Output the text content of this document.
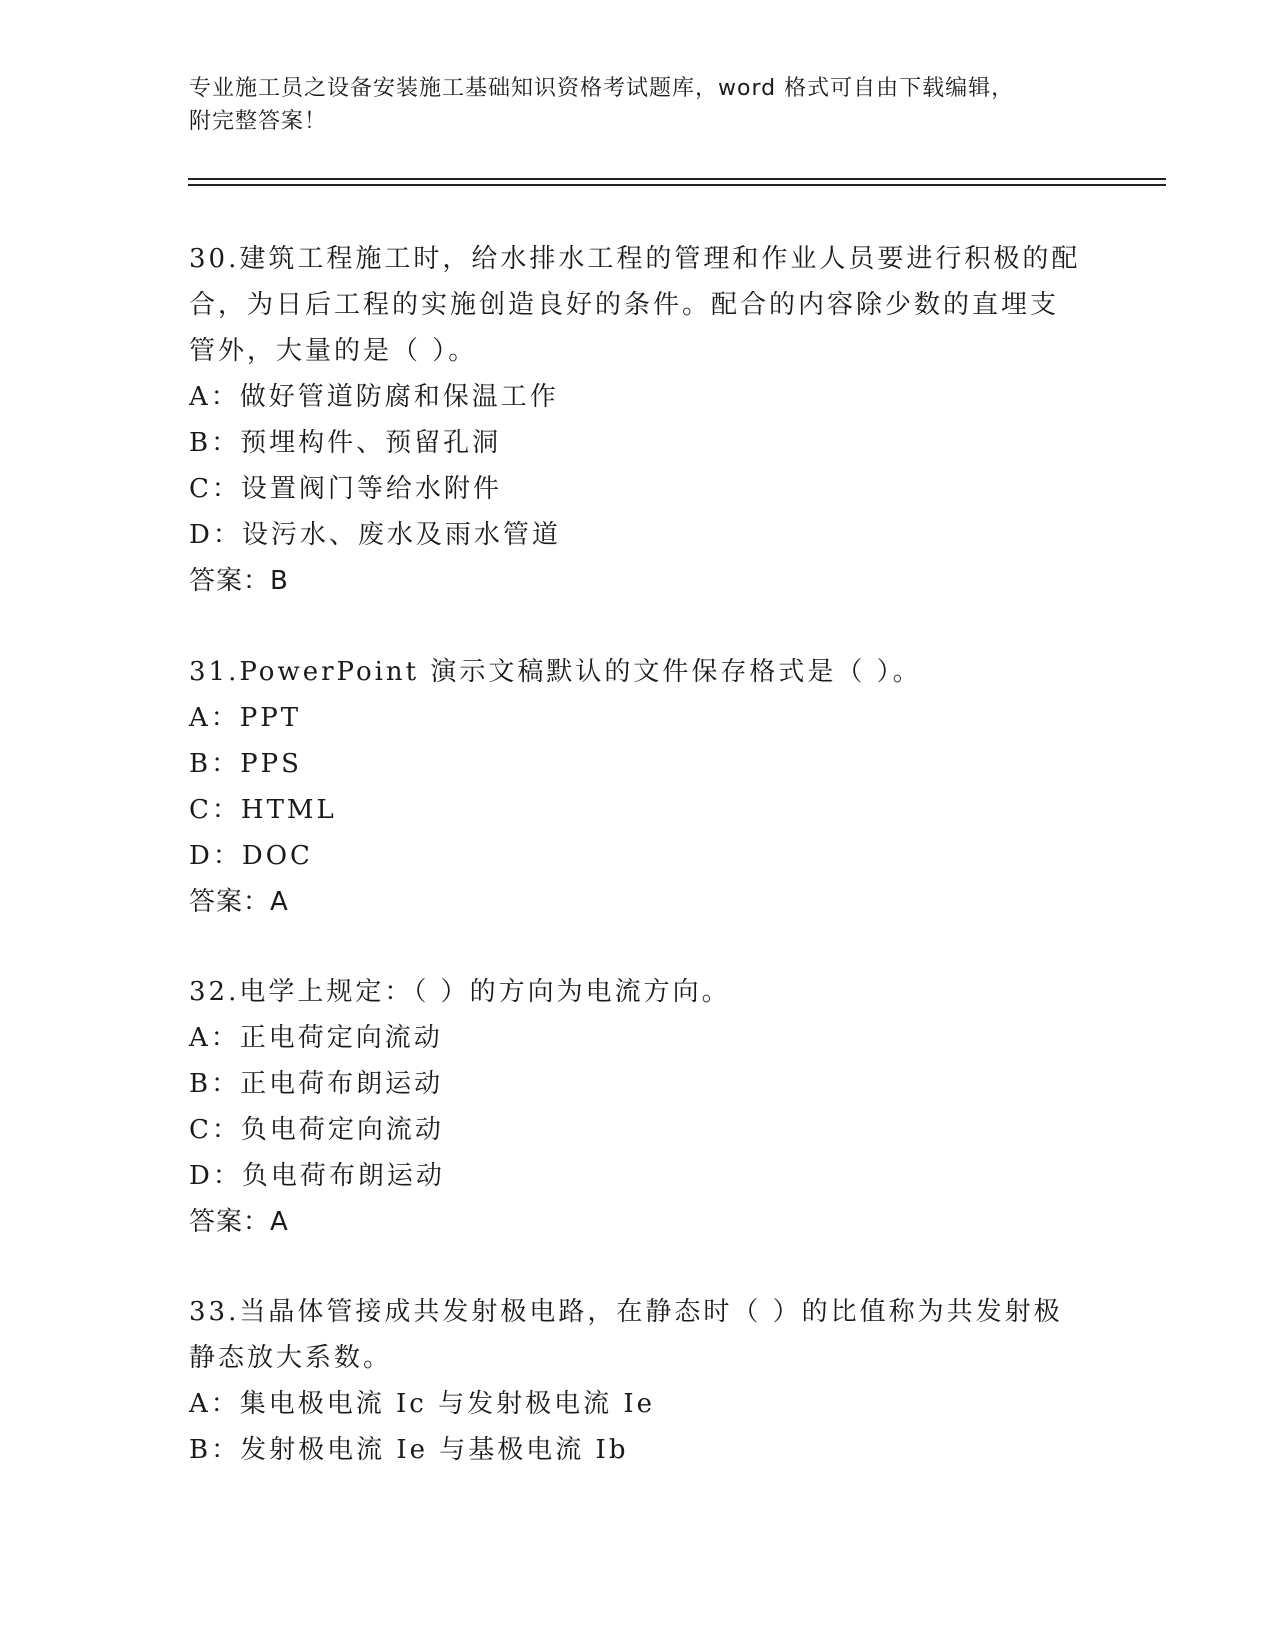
专业施工员之设备安装施工基础知识资格考试题库，word 格式可自由下载编辑，
附完整答案！

30.建筑工程施工时，给水排水工程的管理和作业人员要进行积极的配

合，为日后工程的实施创造良好的条件。配合的内容除少数的直埋支

管外，大量的是（ ）。

A：做好管道防腐和保温工作

B：预埋构件、预留孔洞

C：设置阀门等给水附件

D：设污水、废水及雨水管道

答案：B

31.PowerPoint 演示文稿默认的文件保存格式是（ ）。

A：PPT

B：PPS

C：HTML

D：DOC

答案：A

32.电学上规定：（ ）的方向为电流方向。

A：正电荷定向流动

B：正电荷布朗运动

C：负电荷定向流动

D：负电荷布朗运动

答案：A

33.当晶体管接成共发射极电路，在静态时（ ）的比值称为共发射极

静态放大系数。

A：集电极电流 Ic 与发射极电流 Ie

B：发射极电流 Ie 与基极电流 Ib
